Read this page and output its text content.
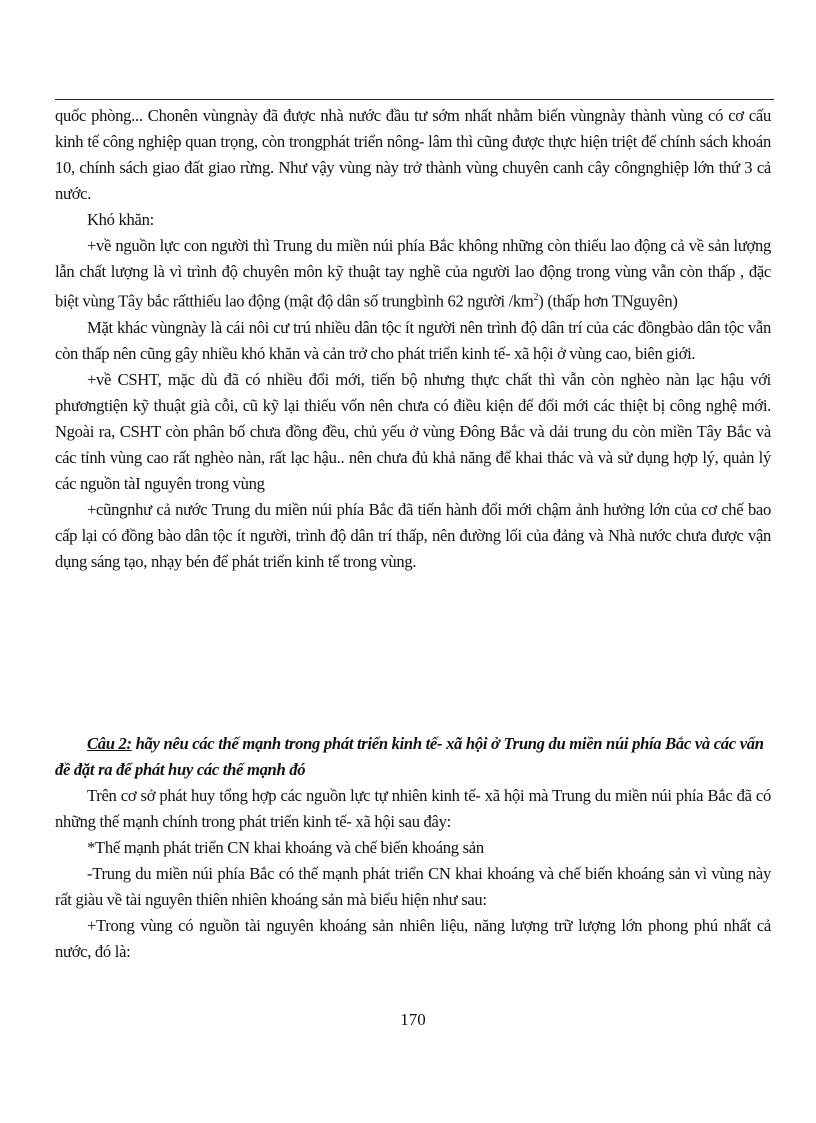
quốc phòng... Chonên vùngnày đã được nhà nước đầu tư sớm nhất nhằm biến vùngnày thành vùng có cơ cấu kinh tế công nghiệp quan trọng, còn trongphát triển nông- lâm thì cũng được thực hiện triệt để chính sách khoán 10, chính sách giao đất giao rừng. Như vậy vùng này trở thành vùng chuyên canh cây côngnghiệp lớn thứ 3 cả nước.

Khó khăn:

+về nguồn lực con người thì Trung du miền núi phía Bắc không những còn thiếu lao động cả về sản lượng lẫn chất lượng là vì trình độ chuyên môn kỹ thuật tay nghề của người lao động trong vùng vẫn còn thấp , đặc biệt vùng Tây bắc rấtthiếu lao động (mật độ dân số trungbình 62 người $/km^2$) (thấp hơn TNguyên)

Mặt khác vùngnày là cái nôi cư trú nhiều dân tộc ít người nên trình độ dân trí của các đồngbào dân tộc vẫn còn thấp nên cũng gây nhiều khó khăn và cản trở cho phát triển kinh tế- xã hội ở vùng cao, biên giới.

+về CSHT, mặc dù đã có nhiều đổi mới, tiến bộ nhưng thực chất thì vẫn còn nghèo nàn lạc hậu với phươngtiện kỹ thuật già cỗi, cũ kỹ lại thiếu vốn nên chưa có điều kiện để đổi mới các thiệt bị công nghệ mới. Ngoài ra, CSHT còn phân bố chưa đồng đều, chủ yếu ở vùng Đông Bắc và dải trung du còn miền Tây Bắc và các tỉnh vùng cao rất nghèo nàn, rất lạc hậu.. nên chưa đủ khả năng để khai thác và và sử dụng hợp lý, quản lý các nguồn tàI nguyên trong vùng

+cũngnhư cả nước Trung du miền núi phía Bắc đã tiến hành đổi mới chậm ảnh hưởng lớn của cơ chế bao cấp lại có đồng bào dân tộc ít người, trình độ dân trí thấp, nên đường lối của đảng và Nhà nước chưa được vận dụng sáng tạo, nhạy bén để phát triển kinh tế trong vùng.

Câu 2: hãy nêu các thế mạnh trong phát triển kinh tế- xã hội ở Trung du miền núi phía Bắc và các vấn đề đặt ra để phát huy các thế mạnh đó

Trên cơ sở phát huy tổng hợp các nguồn lực tự nhiên kinh tế- xã hội mà Trung du miền núi phía Bắc đã có những thế mạnh chính trong phát triển kinh tế- xã hội sau đây:

*Thế mạnh phát triển CN khai khoáng và chế biến khoáng sản

-Trung du miền núi phía Bắc có thế mạnh phát triển CN khai khoáng và chế biến khoáng sản vì vùng này rất giàu về tài nguyên thiên nhiên khoáng sản mà biểu hiện như sau:

+Trong vùng có nguồn tài nguyên khoáng sản nhiên liệu, năng lượng trữ lượng lớn phong phú nhất cả nước, đó là:

170
